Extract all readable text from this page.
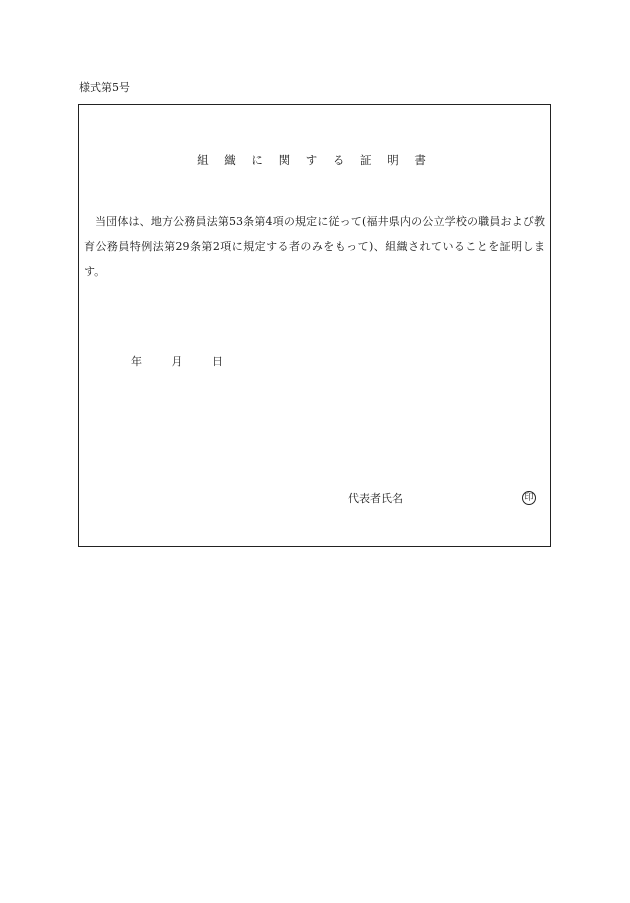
様式第5号
組 織 に 関 す る 証 明 書
当団体は、地方公務員法第53条第4項の規定に従って(福井県内の公立学校の職員および教育公務員特例法第29条第2項に規定する者のみをもって)、組織されていることを証明します。
年	月	日
代表者氏名	印
